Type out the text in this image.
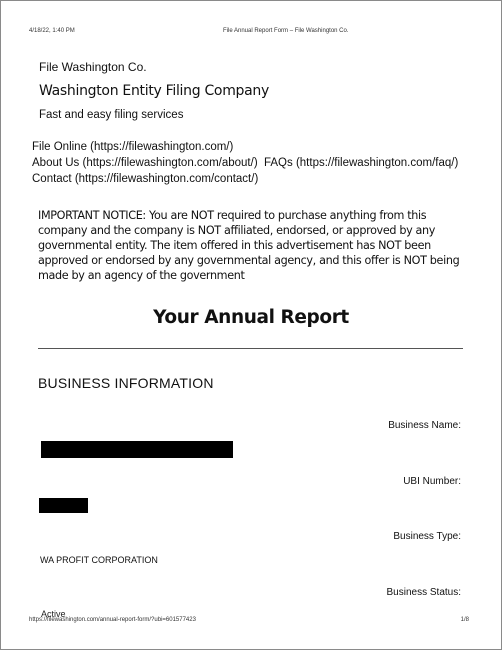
4/18/22, 1:40 PM	File Annual Report Form – File Washington Co.
File Washington Co.
Washington Entity Filing Company
Fast and easy filing services
File Online (https://filewashington.com/)
About Us (https://filewashington.com/about/) FAQs (https://filewashington.com/faq/)
Contact (https://filewashington.com/contact/)
IMPORTANT NOTICE: You are NOT required to purchase anything from this company and the company is NOT affiliated, endorsed, or approved by any governmental entity. The item offered in this advertisement has NOT been approved or endorsed by any governmental agency, and this offer is NOT being made by an agency of the government
Your Annual Report
BUSINESS INFORMATION
Business Name:
UBI Number:
Business Type:
WA PROFIT CORPORATION
Business Status:
Active
https://filewashington.com/annual-report-form/?ubi=601577423	1/8
